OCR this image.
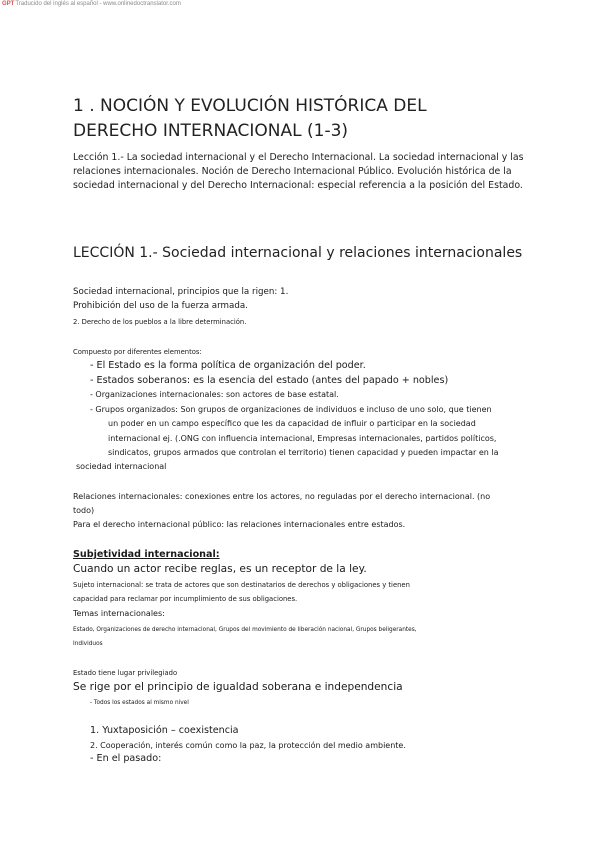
GPTTraducido del inglés al español - www.onlinedoctranslator.com
1 . NOCIÓN Y EVOLUCIÓN HISTÓRICA DEL DERECHO INTERNACIONAL (1-3)
Lección 1.- La sociedad internacional y el Derecho Internacional. La sociedad internacional y las relaciones internacionales. Noción de Derecho Internacional Público. Evolución histórica de la sociedad internacional y del Derecho Internacional: especial referencia a la posición del Estado.
LECCIÓN 1.- Sociedad internacional y relaciones internacionales
Sociedad internacional, principios que la rigen: 1.
Prohibición del uso de la fuerza armada.
2. Derecho de los pueblos a la libre determinación.
Compuesto por diferentes elementos:
- El Estado es la forma política de organización del poder.
- Estados soberanos: es la esencia del estado (antes del papado + nobles)
- Organizaciones internacionales: son actores de base estatal.
- Grupos organizados: Son grupos de organizaciones de individuos e incluso de uno solo, que tienen
un poder en un campo específico que les da capacidad de influir o participar en la sociedad
internacional ej. (.ONG con influencia internacional, Empresas internacionales, partidos políticos,
sindicatos, grupos armados que controlan el territorio) tienen capacidad y pueden impactar en la
sociedad internacional
Relaciones internacionales: conexiones entre los actores, no reguladas por el derecho internacional. (no
todo)
Para el derecho internacional público: las relaciones internacionales entre estados.
Subjetividad internacional:
Cuando un actor recibe reglas, es un receptor de la ley.
Sujeto internacional: se trata de actores que son destinatarios de derechos y obligaciones y tienen
capacidad para reclamar por incumplimiento de sus obligaciones.
Temas internacionales:
Estado, Organizaciones de derecho internacional, Grupos del movimiento de liberación nacional, Grupos beligerantes,
Individuos
Estado tiene lugar privilegiado
Se rige por el principio de igualdad soberana e independencia
- Todos los estados al mismo nivel
1. Yuxtaposición – coexistencia
2. Cooperación, interés común como la paz, la protección del medio ambiente.
- En el pasado:
